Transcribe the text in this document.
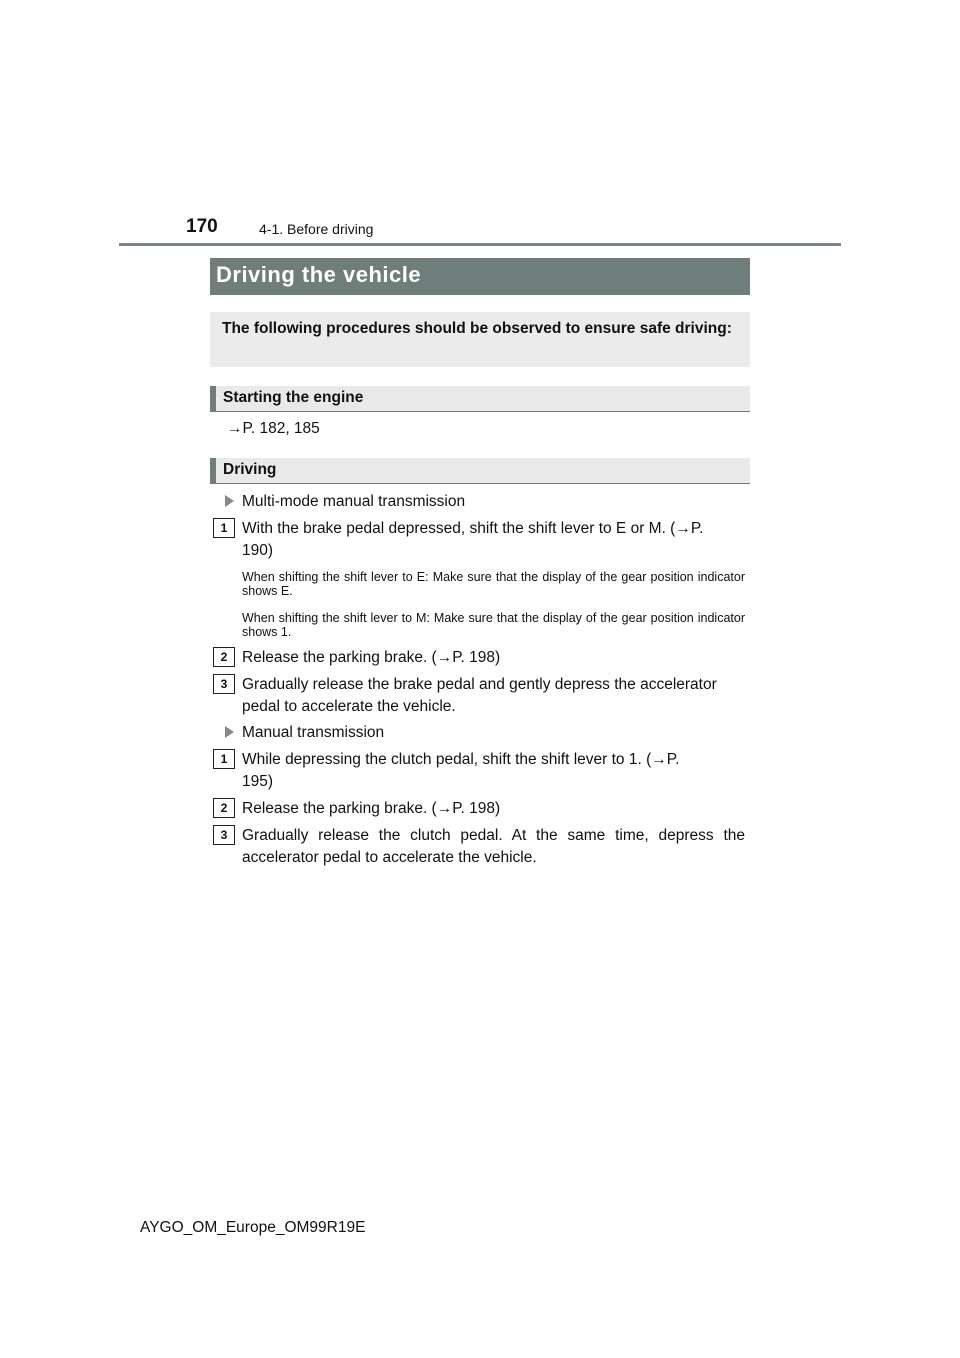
170	4-1. Before driving
Driving the vehicle
The following procedures should be observed to ensure safe driving:
Starting the engine
→P. 182, 185
Driving
Multi-mode manual transmission
1 With the brake pedal depressed, shift the shift lever to E or M. (→P. 190)
When shifting the shift lever to E: Make sure that the display of the gear position indicator shows E.
When shifting the shift lever to M: Make sure that the display of the gear position indicator shows 1.
2 Release the parking brake. (→P. 198)
3 Gradually release the brake pedal and gently depress the accelerator pedal to accelerate the vehicle.
Manual transmission
1 While depressing the clutch pedal, shift the shift lever to 1. (→P. 195)
2 Release the parking brake. (→P. 198)
3 Gradually release the clutch pedal. At the same time, depress the accelerator pedal to accelerate the vehicle.
AYGO_OM_Europe_OM99R19E
